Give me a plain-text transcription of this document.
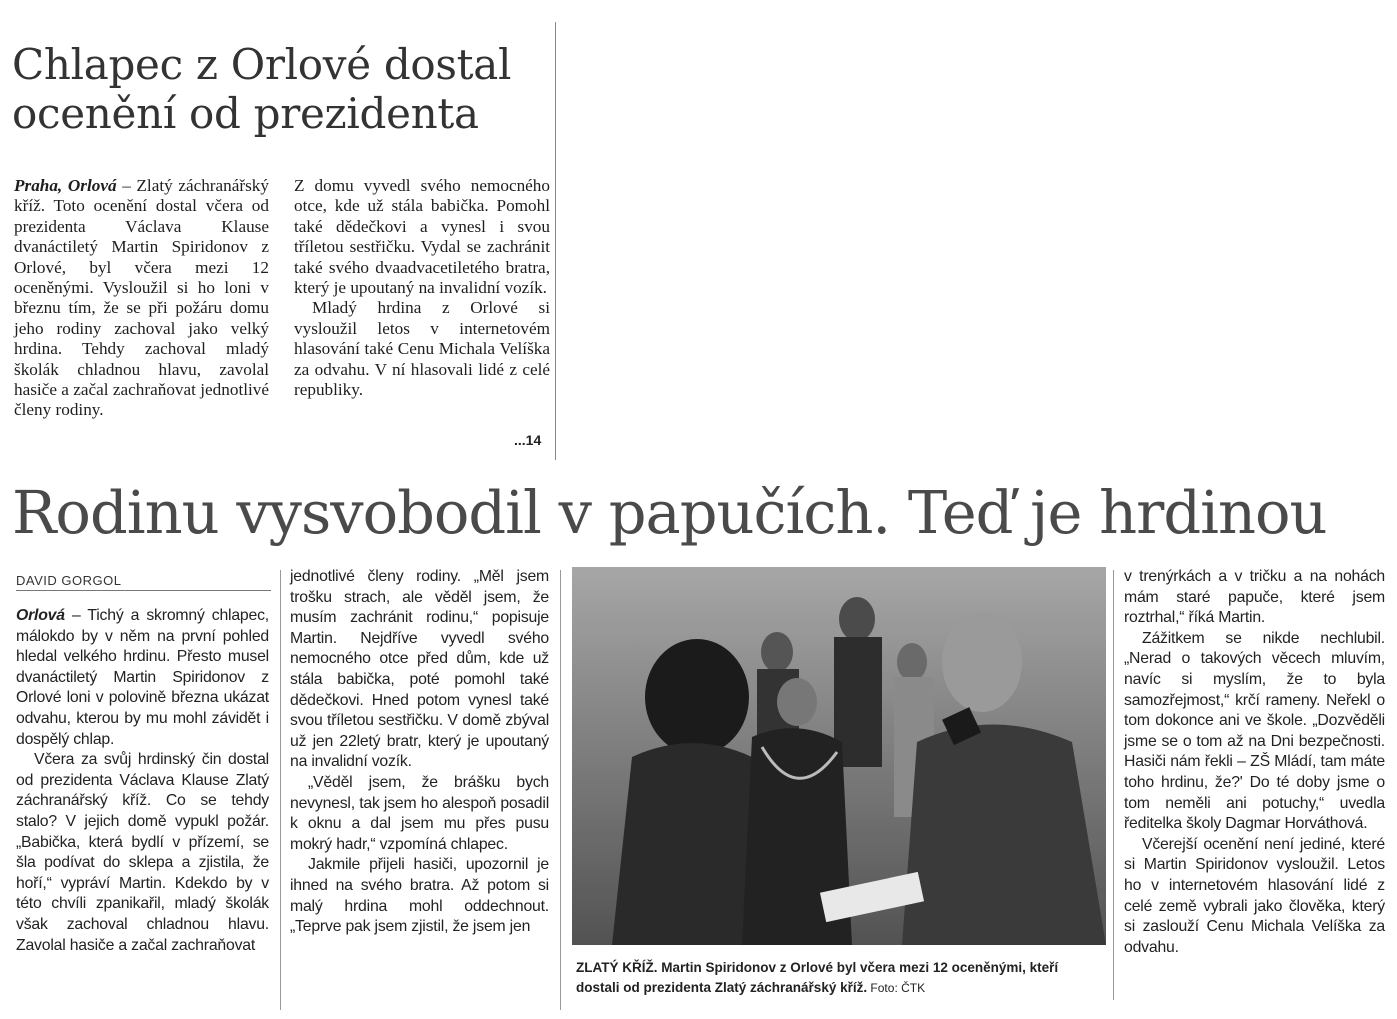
Chlapec z Orlové dostal ocenění od prezidenta

Praha, Orlová – Zlatý záchranářský kříž. Toto ocenění dostal včera od prezidenta Václava Klause dvanáctiletý Martin Spiridonov z Orlové, byl včera mezi 12 oceněnými. Vysloužil si ho loni v březnu tím, že se při požáru domu jeho rodiny zachoval jako velký hrdina. Tehdy zachoval mladý školák chladnou hlavu, zavolal hasiče a začal zachraňovat jednotlivé členy rodiny.

Z domu vyvedl svého nemocného otce, kde už stála babička. Pomohl také dědečkovi a vynesl i svou tříletou sestřičku. Vydal se zachránit také svého dvaadvacetiletého bratra, který je upoutaný na invalidní vozík.

Mladý hrdina z Orlové si vysloužil letos v internetovém hlasování také Cenu Michala Velíška za odvahu. V ní hlasovali lidé z celé republiky.

...14
Rodinu vysvobodil v papučích. Teď je hrdinou
DAVID GORGOL

Orlová – Tichý a skromný chlapec, málokdo by v něm na první pohled hledal velkého hrdinu. Přesto musel dvanáctiletý Martin Spiridonov z Orlové loni v polovině března ukázat odvahu, kterou by mu mohl závidět i dospělý chlap.

Včera za svůj hrdinský čin dostal od prezidenta Václava Klause Zlatý záchranářský kříž. Co se tehdy stalo? V jejich domě vypukl požár. „Babička, která bydlí v přízemí, se šla podívat do sklepa a zjistila, že hoří,“ vypráví Martin. Kdekdo by v této chvíli zpanikařil, mladý školák však zachoval chladnou hlavu. Zavolal hasiče a začal zachraňovat

jednotlivé členy rodiny. „Měl jsem trošku strach, ale věděl jsem, že musím zachránit rodinu,“ popisuje Martin. Nejdříve vyvedl svého nemocného otce před dům, kde už stála babička, poté pomohl také dědečkovi. Hned potom vynesl také svou tříletou sestřičku. V domě zbýval už jen 22letý bratr, který je upoutaný na invalidní vozík.

„Věděl jsem, že brášku bych nevynesl, tak jsem ho alespoň posadil k oknu a dal jsem mu přes pusu mokrý hadr,“ vzpomíná chlapec.

Jakmile přijeli hasiči, upozornil je ihned na svého bratra. Až potom si malý hrdina mohl oddechnout. „Teprve pak jsem zjistil, že jsem jen

ZLATÝ KŘÍŽ. Martin Spiridonov z Orlové byl včera mezi 12 oceněnými, kteří dostali od prezidenta Zlatý záchranářský kříž. Foto: ČTK

v trenýrkách a v tričku a na nohách mám staré papuče, které jsem roztrhal,“ říká Martin.

Zážitkem se nikde nechlubil. „Nerad o takových věcech mluvím, navíc si myslím, že to byla samozřejmost,“ krčí rameny. Neřekl o tom dokonce ani ve škole. „Dozvěděli jsme se o tom až na Dni bezpečnosti. Hasiči nám řekli – ZŠ Mládí, tam máte toho hrdinu, že?' Do té doby jsme o tom neměli ani potuchy,“ uvedla ředitelka školy Dagmar Horváthová.

Včerejší ocenění není jediné, které si Martin Spiridonov vysloužil. Letos ho v internetovém hlasování lidé z celé země vybrali jako člověka, který si zaslouží Cenu Michala Velíška za odvahu.
